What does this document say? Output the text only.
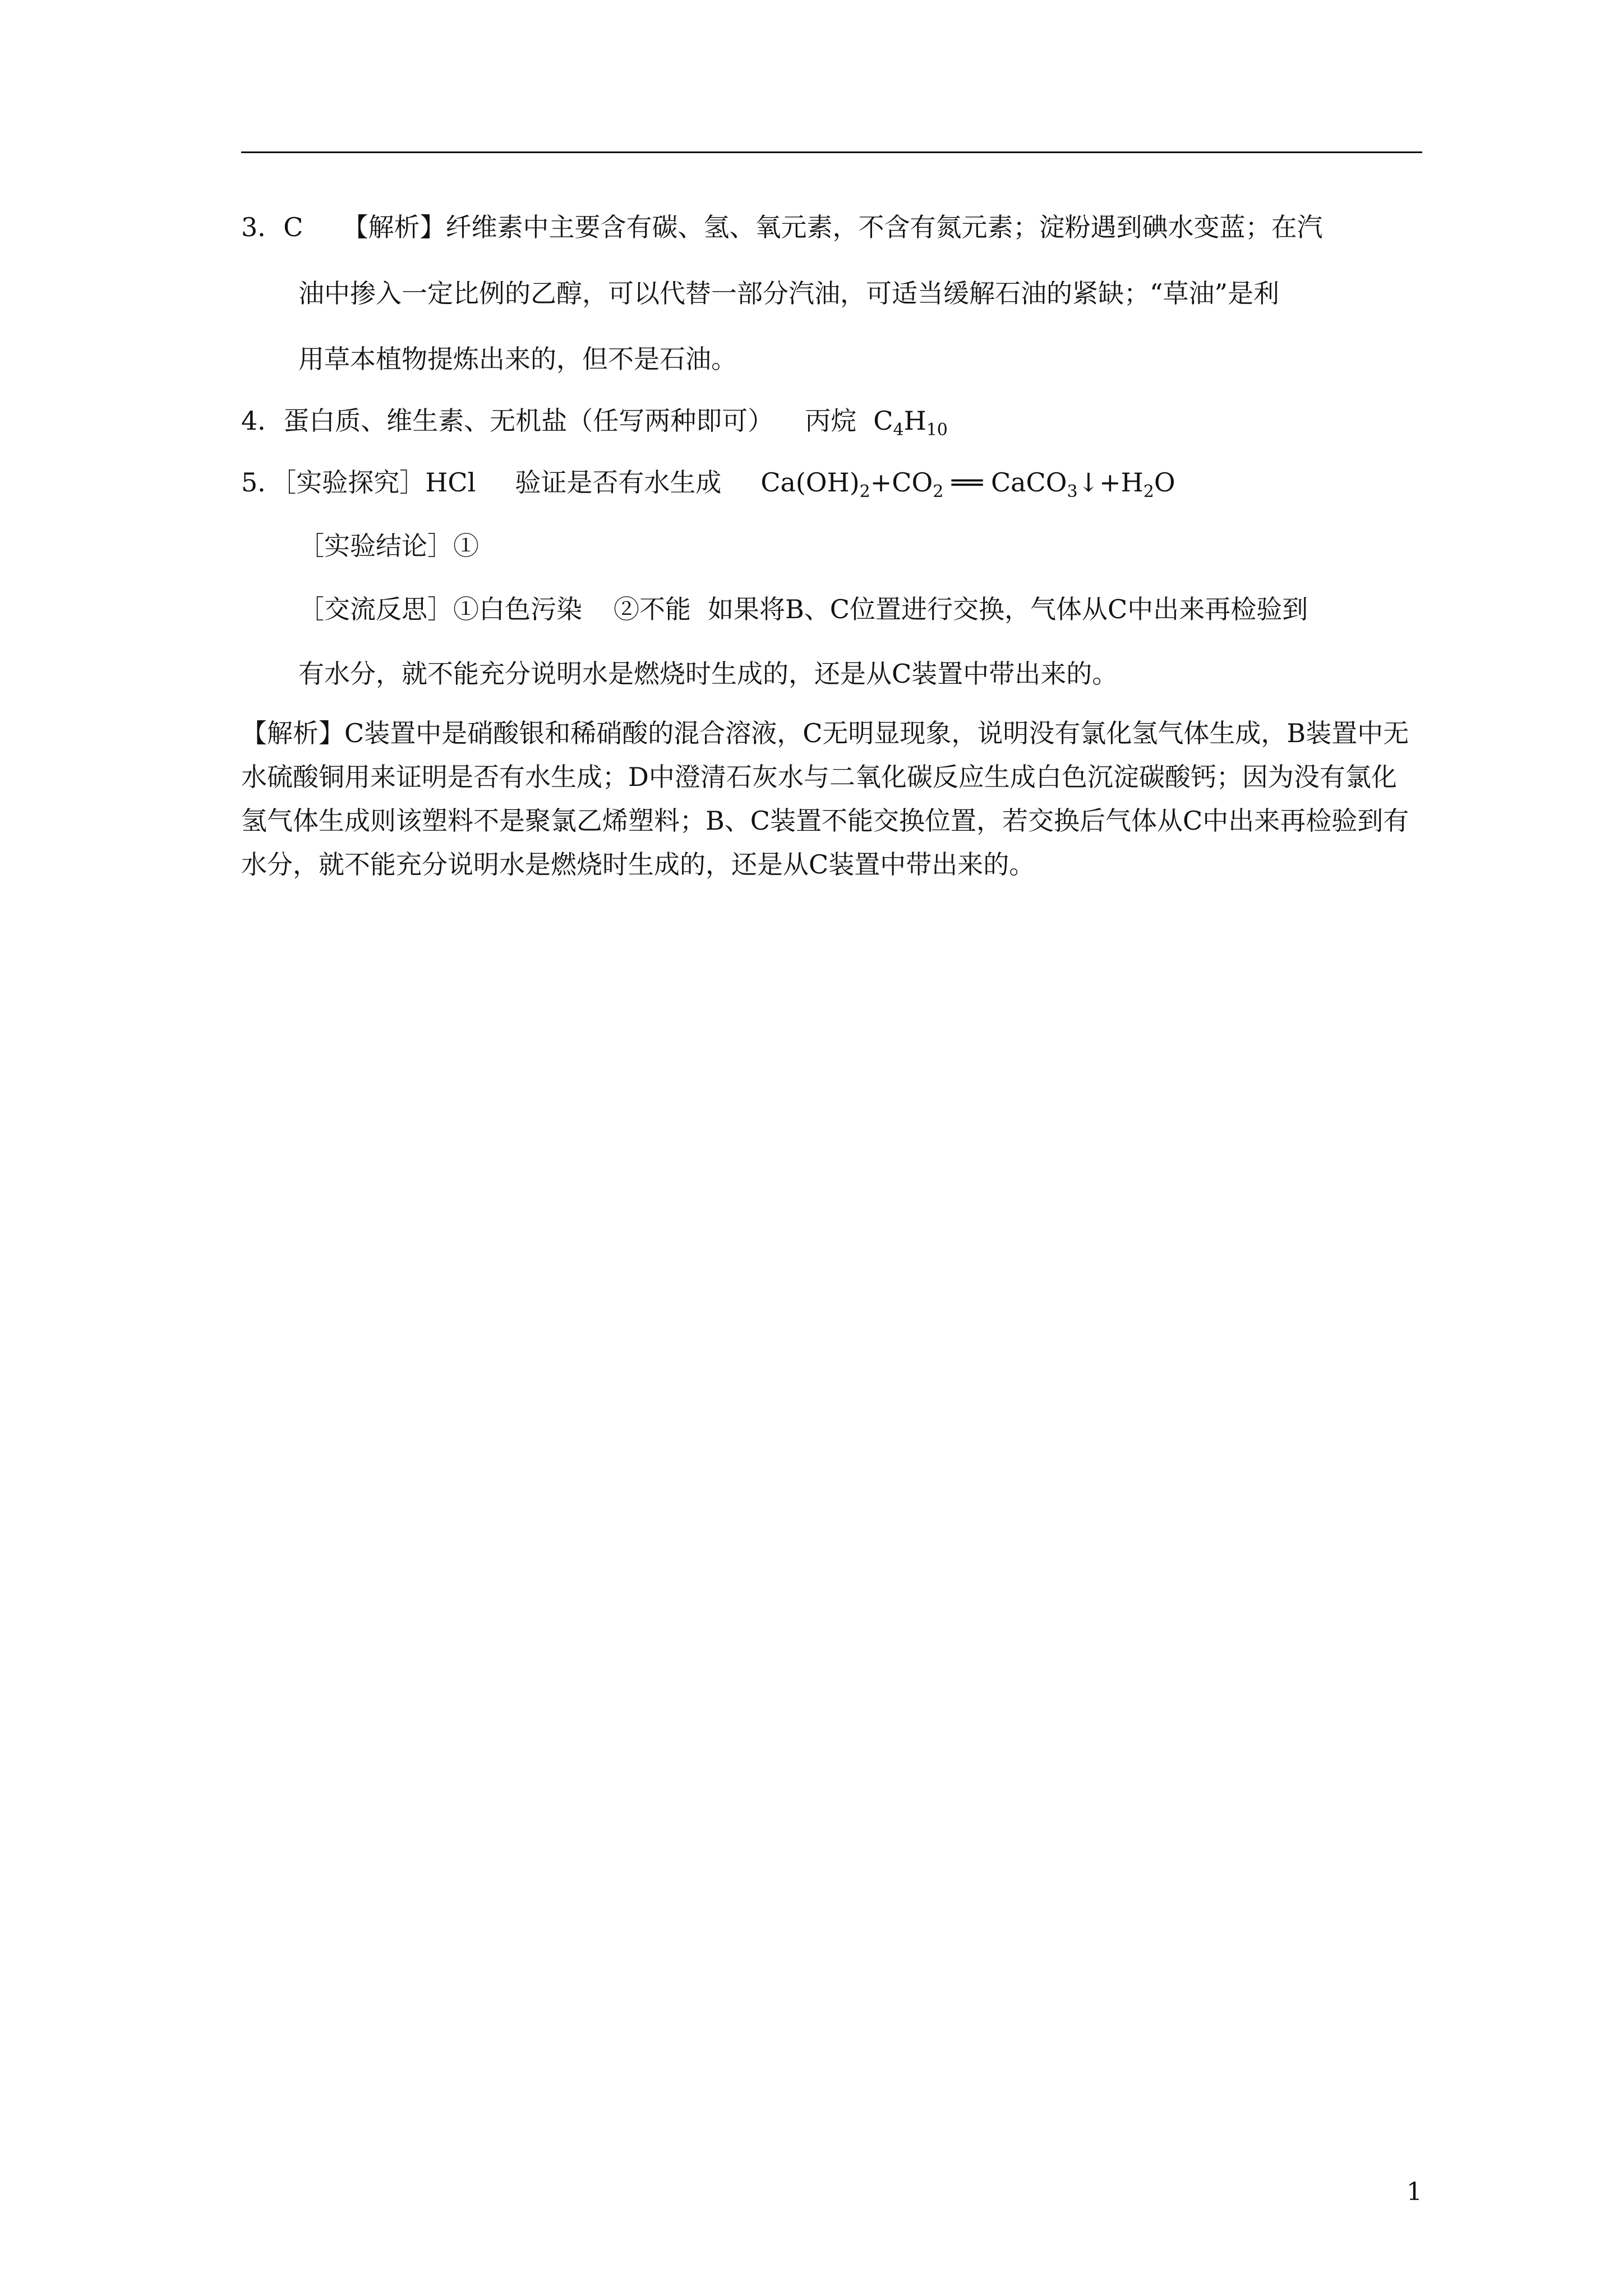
3．C 【解析】纤维素中主要含有碳、氢、氧元素，不含有氮元素；淀粉遇到碘水变蓝；在汽
油中掺入一定比例的乙醇，可以代替一部分汽油，可适当缓解石油的紧缺；“草油”是利
用草本植物提炼出来的，但不是石油。
4．蛋白质、维生素、无机盐（任写两种即可） 丙烷 $C_4H_{10}$
5．［实验探究］HCl 验证是否有水生成 $Ca(OH)_2+CO_2$ ══ $CaCO_3↓+H_2O$
［实验结论］①
［交流反思］①白色污染 ②不能 如果将B、C位置进行交换，气体从C中出来再检验到
有水分，就不能充分说明水是燃烧时生成的，还是从C装置中带出来的。
【解析】C装置中是硝酸银和稀硝酸的混合溶液，C无明显现象，说明没有氯化氢气体生成，B装置中无水硫酸铜用来证明是否有水生成；D中澄清石灰水与二氧化碳反应生成白色沉淀碳酸钙；因为没有氯化氢气体生成则该塑料不是聚氯乙烯塑料；B、C装置不能交换位置，若交换后气体从C中出来再检验到有水分，就不能充分说明水是燃烧时生成的，还是从C装置中带出来的。
1
